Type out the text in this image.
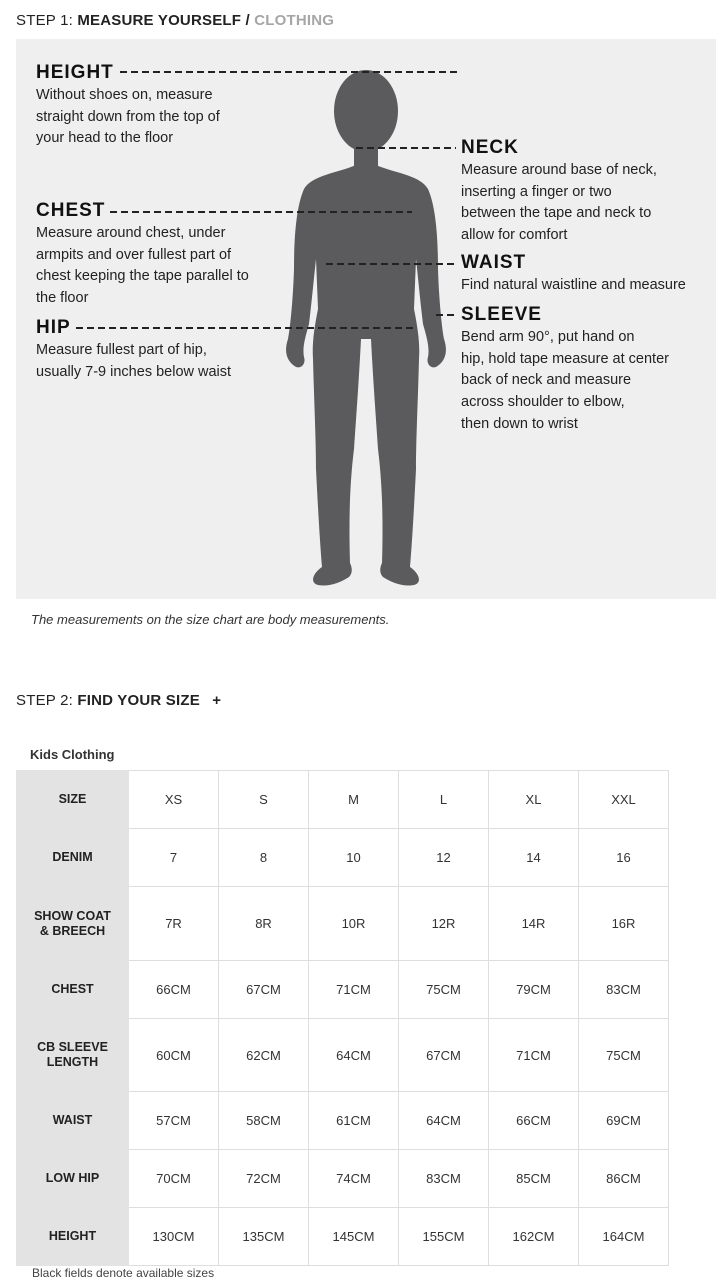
STEP 1: MEASURE YOURSELF / CLOTHING
HEIGHT
Without shoes on, measure
straight down from the top of
your head to the floor
CHEST
Measure around chest, under
armpits and over fullest part of
chest keeping the tape parallel to
the floor
HIP
Measure fullest part of hip,
usually 7-9 inches below waist
NECK
Measure around base of neck,
inserting a finger or two
between the tape and neck to
allow for comfort
WAIST
Find natural waistline and measure
SLEEVE
Bend arm 90°, put hand on
hip, hold tape measure at center
back of neck and measure
across shoulder to elbow,
then down to wrist
The measurements on the size chart are body measurements.
STEP 2: FIND YOUR SIZE +
Kids Clothing
SIZE	XS	S	M	L	XL	XXL
DENIM	7	8	10	12	14	16
SHOW COAT
& BREECH	7R	8R	10R	12R	14R	16R
CHEST	66CM	67CM	71CM	75CM	79CM	83CM
CB SLEEVE
LENGTH	60CM	62CM	64CM	67CM	71CM	75CM
WAIST	57CM	58CM	61CM	64CM	66CM	69CM
LOW HIP	70CM	72CM	74CM	83CM	85CM	86CM
HEIGHT	130CM	135CM	145CM	155CM	162CM	164CM
Black fields denote available sizes
